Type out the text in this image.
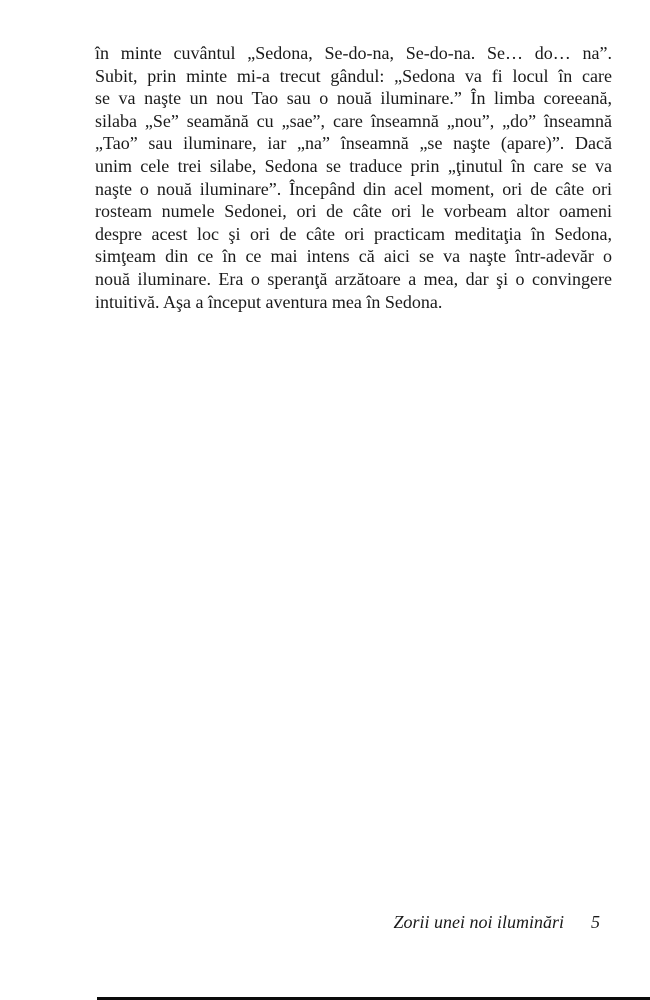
în minte cuvântul „Sedona, Se-do-na, Se-do-na. Se… do… na”.
Subit, prin minte mi-a trecut gândul: „Sedona va fi locul în care
se va naşte un nou Tao sau o nouă iluminare.” În limba coreeană,
silaba „Se” seamănă cu „sae”, care înseamnă „nou”, „do” înseamnă
„Tao” sau iluminare, iar „na” înseamnă „se naşte (apare)”. Dacă
unim cele trei silabe, Sedona se traduce prin „ţinutul în care se va
naşte o nouă iluminare”. Începând din acel moment, ori de câte ori
rosteam numele Sedonei, ori de câte ori le vorbeam altor oameni
despre acest loc şi ori de câte ori practicam meditaţia în Sedona,
simţeam din ce în ce mai intens că aici se va naşte într-adevăr o
nouă iluminare. Era o speranţă arzătoare a mea, dar şi o convingere
intuitivă. Aşa a început aventura mea în Sedona.
Zorii unei noi iluminări 5
